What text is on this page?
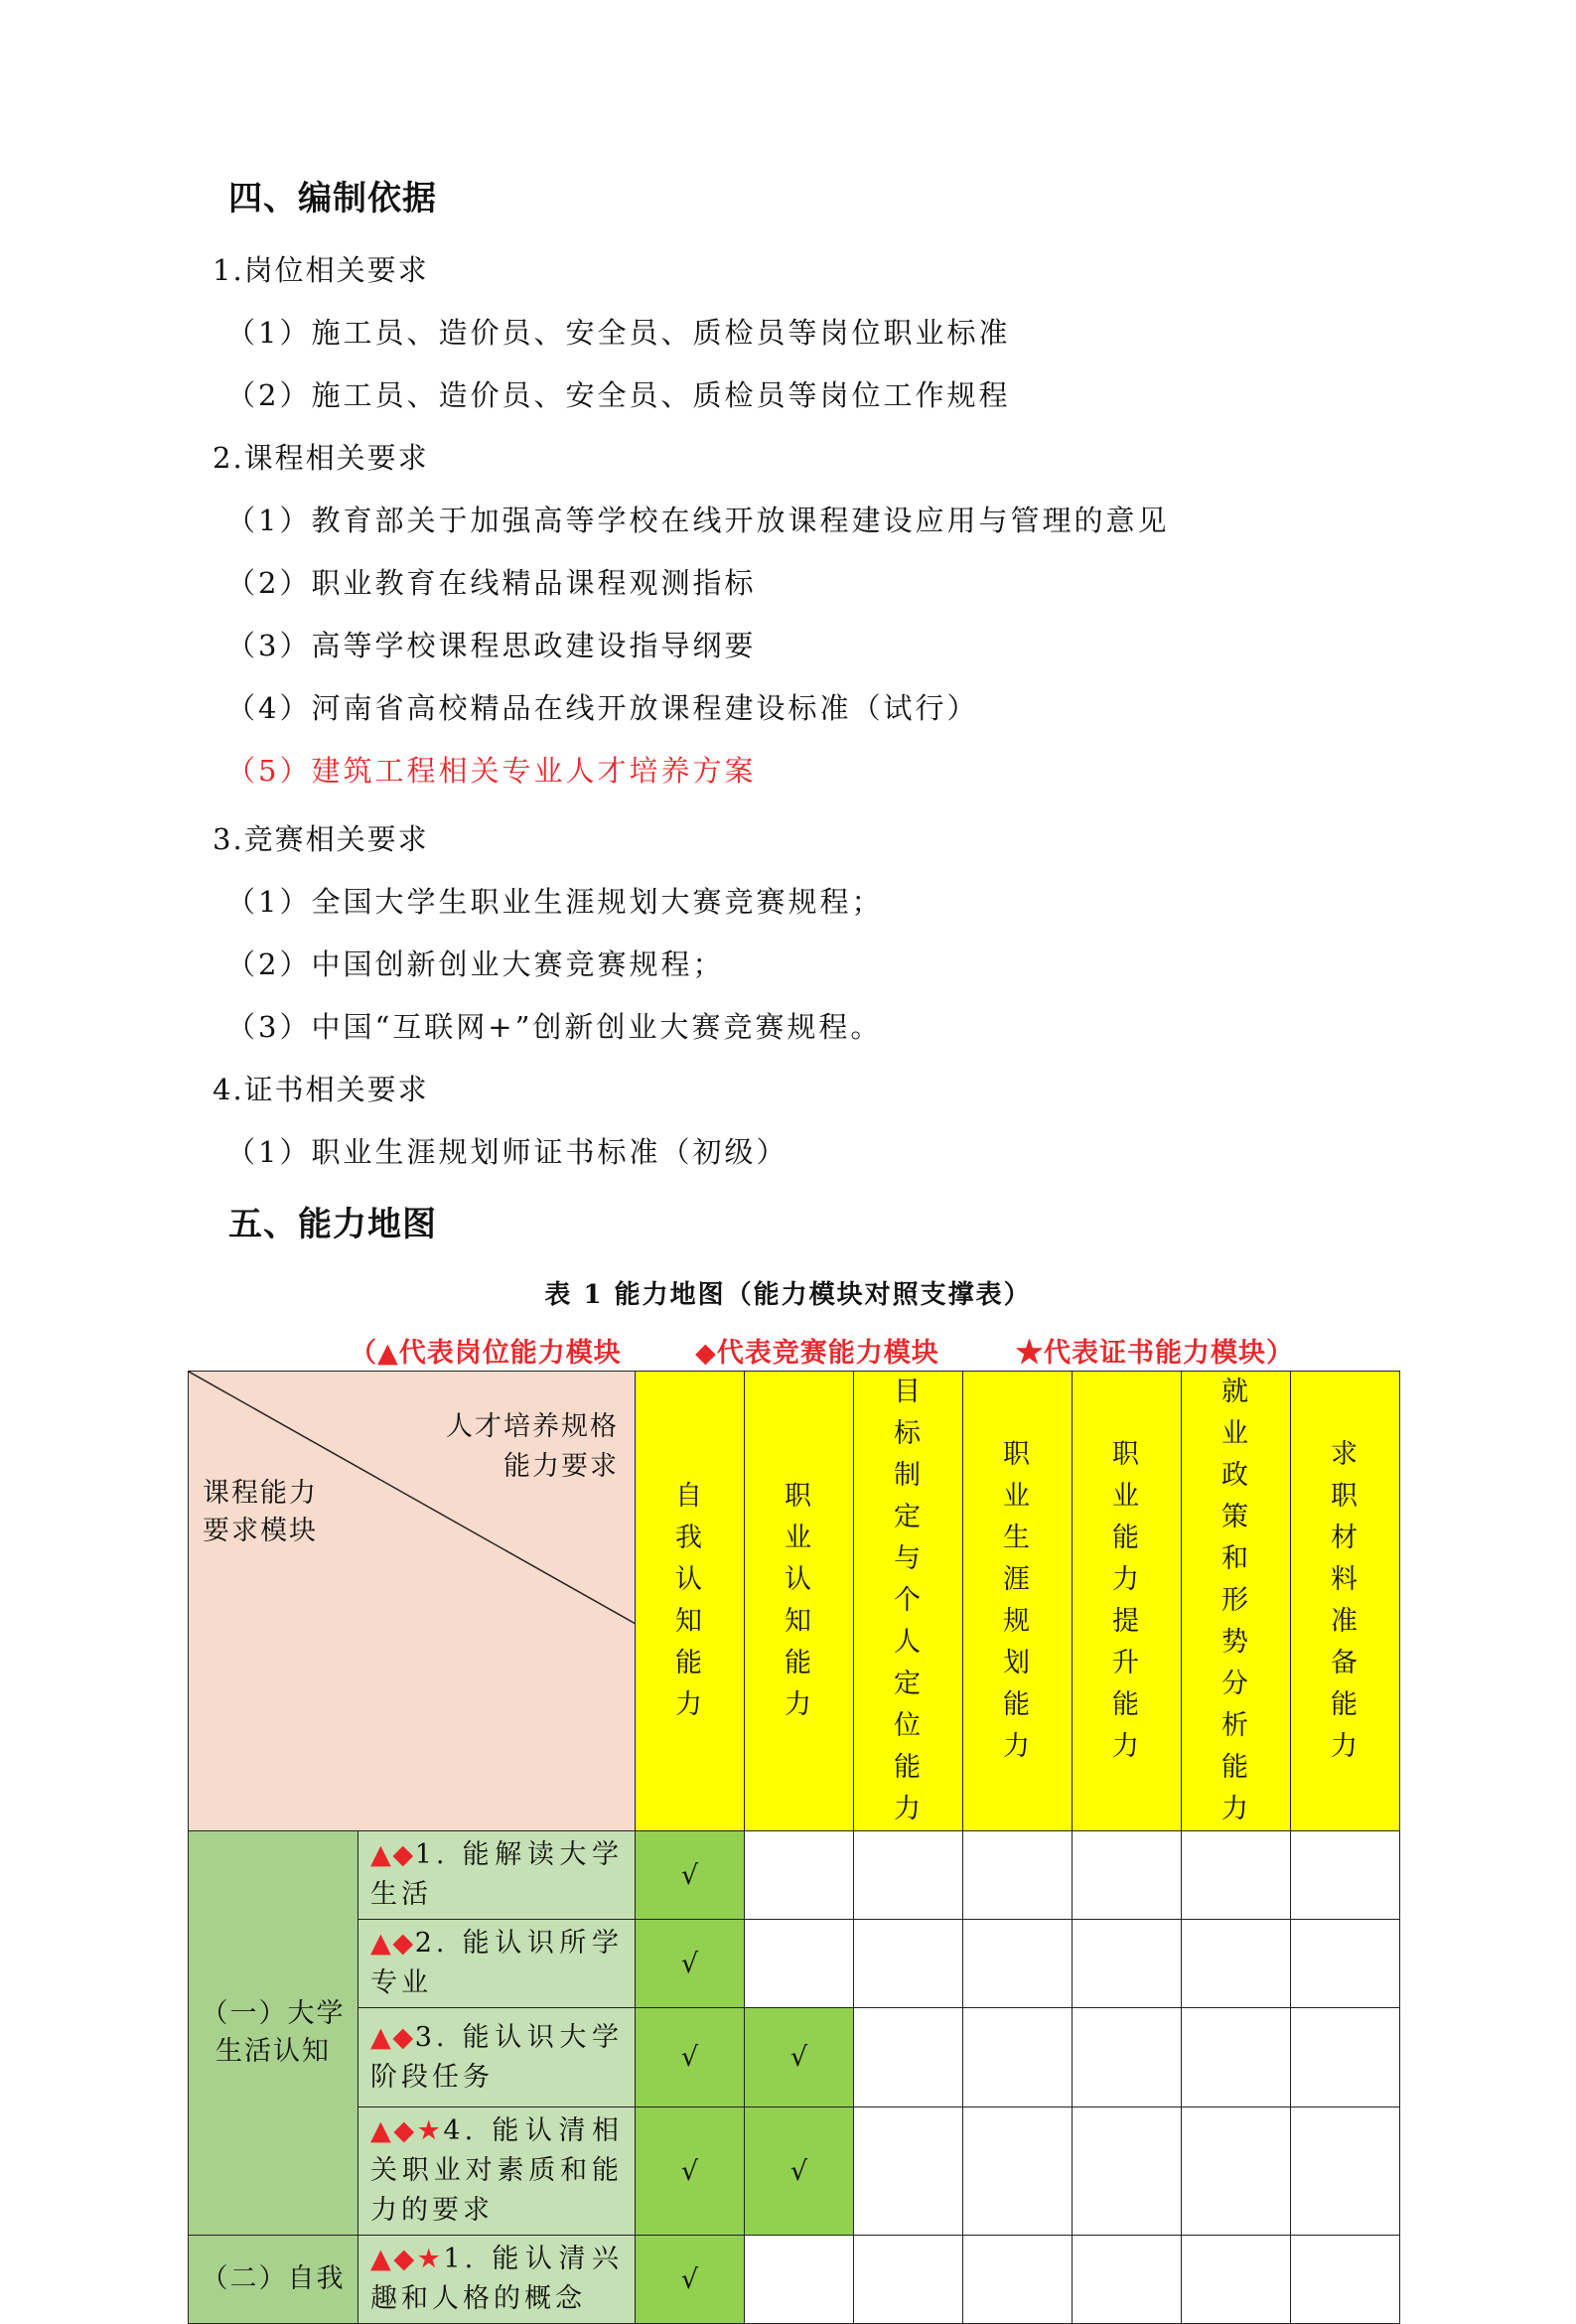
四、编制依据
1.岗位相关要求
（1）施工员、造价员、安全员、质检员等岗位职业标准
（2）施工员、造价员、安全员、质检员等岗位工作规程
2.课程相关要求
（1）教育部关于加强高等学校在线开放课程建设应用与管理的意见
（2）职业教育在线精品课程观测指标
（3）高等学校课程思政建设指导纲要
（4）河南省高校精品在线开放课程建设标准（试行）
（5）建筑工程相关专业人才培养方案
3.竞赛相关要求
（1）全国大学生职业生涯规划大赛竞赛规程；
（2）中国创新创业大赛竞赛规程；
（3）中国“互联网+”创新创业大赛竞赛规程。
4.证书相关要求
（1）职业生涯规划师证书标准（初级）
五、能力地图
表 1 能力地图（能力模块对照支撑表）
（▲代表岗位能力模块	◆代表竞赛能力模块	★代表证书能力模块）
人才培养规格
能力要求
课程能力
要求模块		自我认知能力	职业认知能力	目标制定与个人定位能力	职业生涯规划能力	职业能力提升能力	就业政策和形势分析能力	求职材料准备能力
（一）大学生活认知	▲◆1. 能解读大学生活	√						
	▲◆2. 能认识所学专业	√						
	▲◆3. 能认识大学阶段任务	√	√					
	▲◆★4. 能认清相关职业对素质和能力的要求	√	√					
（二）自我	▲◆★1. 能认清兴趣和人格的概念	√						
